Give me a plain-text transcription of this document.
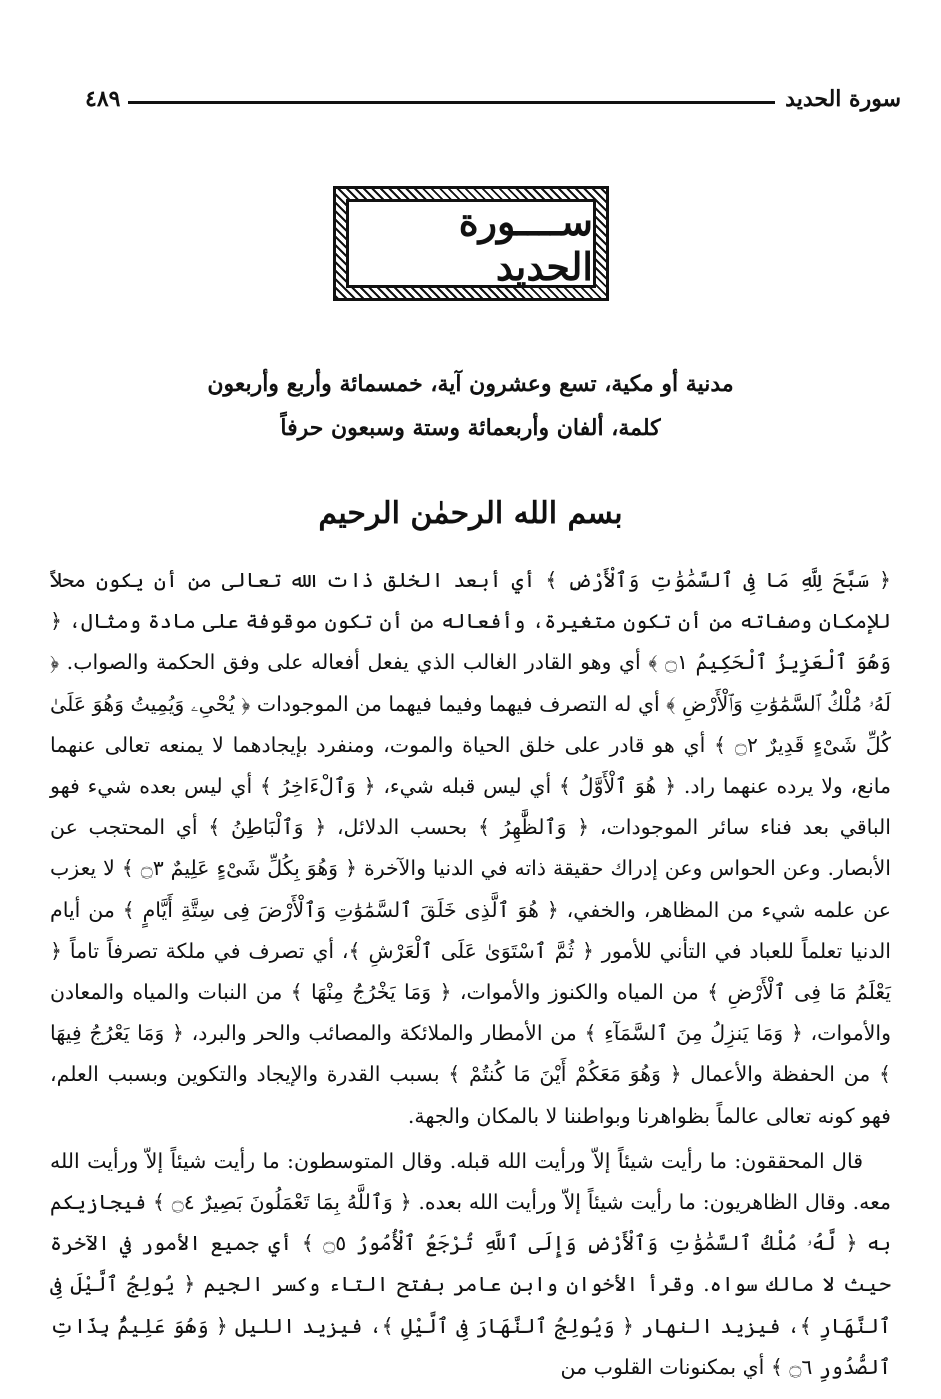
سورة الحديد
٤٨٩
ســــورة الحديد
مدنية أو مكية، تسع وعشرون آية، خمسمائة وأربع وأربعون كلمة، ألفان وأربعمائة وستة وسبعون حرفاً
بسم الله الرحمٰن الرحيم

﴿ سَبَّحَ لِلَّهِ مَا فِى ٱلسَّمَٰوَٰتِ وَٱلْأَرْضِ ﴾ أي أبعد الخلق ذات الله تعالى من أن يكون محلاً للإمكان وصفاته من أن تكون متغيرة، وأفعاله من أن تكون موقوفة على مادة ومثال، ﴿ وَهُوَ ٱلْعَزِيزُ ٱلْحَكِيمُ ۝١ ﴾ أي وهو القادر الغالب الذي يفعل أفعاله على وفق الحكمة والصواب. ﴿ لَهُۥ مُلْكُ ٱلسَّمَٰوَٰتِ وَٱلْأَرْضِ ﴾ أي له التصرف فيهما وفيما فيهما من الموجودات ﴿ يُحْىِۦ وَيُمِيتُ وَهُوَ عَلَىٰ كُلِّ شَىْءٍ قَدِيرٌ ۝٢ ﴾ أي هو قادر على خلق الحياة والموت، ومنفرد بإيجادهما لا يمنعه تعالى عنهما مانع، ولا يرده عنهما راد. ﴿ هُوَ ٱلْأَوَّلُ ﴾ أي ليس قبله شيء، ﴿ وَٱلْءَاخِرُ ﴾ أي ليس بعده شيء فهو الباقي بعد فناء سائر الموجودات، ﴿ وَٱلظَّٰهِرُ ﴾ بحسب الدلائل، ﴿ وَٱلْبَاطِنُ ﴾ أي المحتجب عن الأبصار. وعن الحواس وعن إدراك حقيقة ذاته في الدنيا والآخرة ﴿ وَهُوَ بِكُلِّ شَىْءٍ عَلِيمٌ ۝٣ ﴾ لا يعزب عن علمه شيء من المظاهر، والخفي، ﴿ هُوَ ٱلَّذِى خَلَقَ ٱلسَّمَٰوَٰتِ وَٱلْأَرْضَ فِى سِتَّةِ أَيَّامٍ ﴾ من أيام الدنيا تعلماً للعباد في التأني للأمور ﴿ ثُمَّ ٱسْتَوَىٰ عَلَى ٱلْعَرْشِ ﴾، أي تصرف في ملكة تصرفاً تاماً ﴿ يَعْلَمُ مَا فِى ٱلْأَرْضِ ﴾ من المياه والكنوز والأموات، ﴿ وَمَا يَخْرُجُ مِنْهَا ﴾ من النبات والمياه والمعادن والأموات، ﴿ وَمَا يَنزِلُ مِنَ ٱلسَّمَآءِ ﴾ من الأمطار والملائكة والمصائب والحر والبرد، ﴿ وَمَا يَعْرُجُ فِيهَا ﴾ من الحفظة والأعمال ﴿ وَهُوَ مَعَكُمْ أَيْنَ مَا كُنتُمْ ﴾ بسبب القدرة والإيجاد والتكوين وبسبب العلم، فهو كونه تعالى عالماً بظواهرنا وبواطننا لا بالمكان والجهة.

قال المحققون: ما رأيت شيئاً إلاّ ورأيت الله قبله. وقال المتوسطون: ما رأيت شيئاً إلاّ ورأيت الله معه. وقال الظاهريون: ما رأيت شيئاً إلاّ ورأيت الله بعده. ﴿ وَٱللَّهُ بِمَا تَعْمَلُونَ بَصِيرٌ ۝٤ ﴾ فيجازيكم به ﴿ لَّهُۥ مُلْكُ ٱلسَّمَٰوَٰتِ وَٱلْأَرْضِ وَإِلَى ٱللَّهِ تُرْجَعُ ٱلْأُمُورُ ۝٥ ﴾ أي جميع الأمور في الآخرة حيث لا مالك سواه. وقرأ الأخوان وابن عامر بفتح التاء وكسر الجيم ﴿ يُولِجُ ٱلَّيْلَ فِى ٱلنَّهَارِ ﴾، فيزيد النهار ﴿ وَيُولِجُ ٱلنَّهَارَ فِى ٱلَّيْلِ ﴾، فيزيد الليل ﴿ وَهُوَ عَلِيمٌۢ بِذَاتِ ٱلصُّدُورِ ۝٦ ﴾ أي بمكنونات القلوب من
